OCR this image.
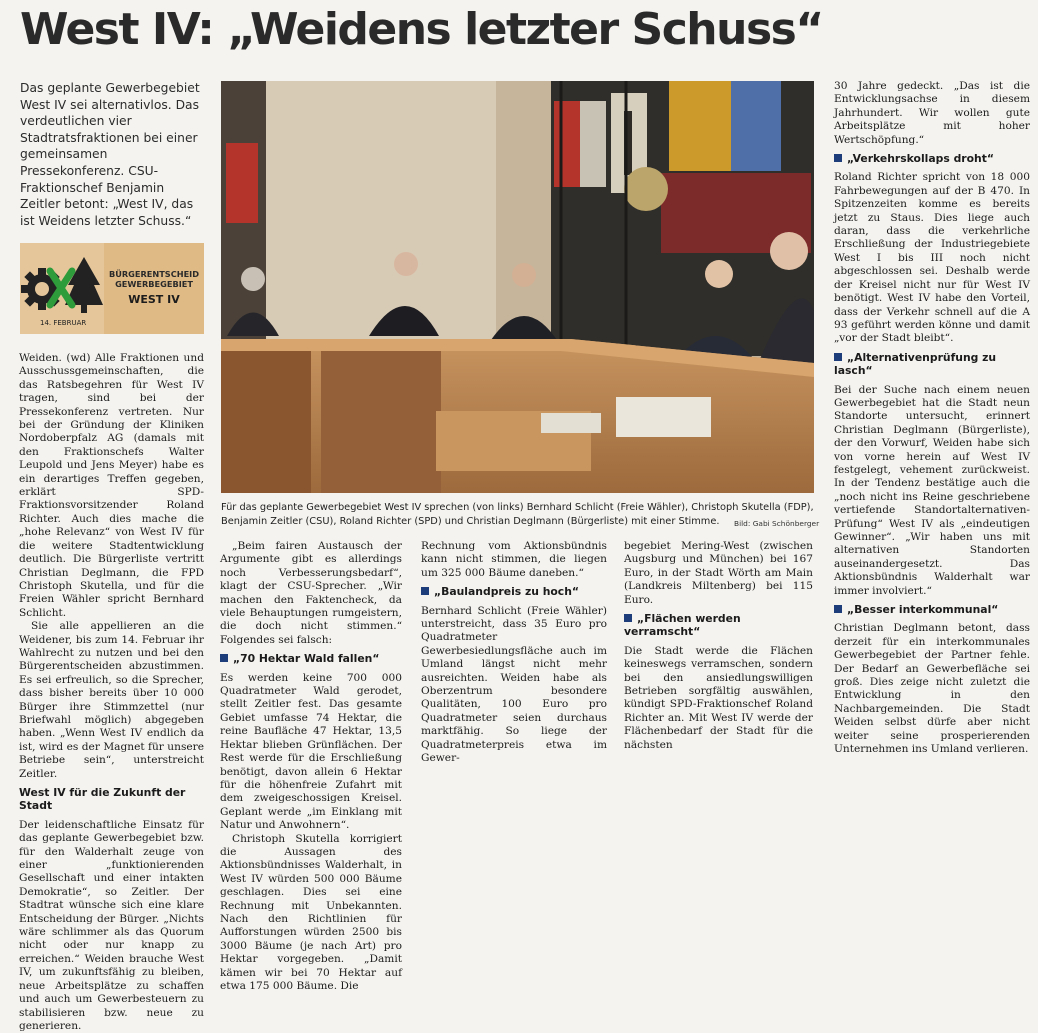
West IV: „Weidens letzter Schuss“
Das geplante Gewerbegebiet West IV sei alternativlos. Das verdeutlichen vier Stadtratsfraktionen bei einer gemeinsamen Pressekonferenz. CSU-Fraktionschef Benjamin Zeitler betont: „West IV, das ist Weidens letzter Schuss.“
BÜRGERENTSCHEID
GEWERBEGEBIET
WEST IV
14. FEBRUAR

Weiden. (wd) Alle Fraktionen und Ausschussgemeinschaften, die das Ratsbegehren für West IV tragen, sind bei der Pressekonferenz vertreten. Nur bei der Gründung der Kliniken Nordoberpfalz AG (damals mit den Fraktionschefs Walter Leupold und Jens Meyer) habe es ein derartiges Treffen gegeben, erklärt SPD-Fraktionsvorsitzender Roland Richter. Auch dies mache die „hohe Relevanz“ von West IV für die weitere Stadtentwicklung deutlich. Die Bürgerliste vertritt Christian Deglmann, die FPD Christoph Skutella, und für die Freien Wähler spricht Bernhard Schlicht.

Sie alle appellieren an die Weidener, bis zum 14. Februar ihr Wahlrecht zu nutzen und bei den Bürgerentscheiden abzustimmen. Es sei erfreulich, so die Sprecher, dass bisher bereits über 10 000 Bürger ihre Stimmzettel (nur Briefwahl möglich) abgegeben haben. „Wenn West IV endlich da ist, wird es der Magnet für unsere Betriebe sein“, unterstreicht Zeitler.

West IV für die Zukunft der Stadt

Der leidenschaftliche Einsatz für das geplante Gewerbegebiet bzw. für den Walderhalt zeuge von einer „funktionierenden Gesellschaft und einer intakten Demokratie“, so Zeitler. Der Stadtrat wünsche sich eine klare Entscheidung der Bürger. „Nichts wäre schlimmer als das Quorum nicht oder nur knapp zu erreichen.“ Weiden brauche West IV, um zukunftsfähig zu bleiben, neue Arbeitsplätze zu schaffen und auch um Gewerbesteuern zu stabilisieren bzw. neue zu generieren.

Für das geplante Gewerbegebiet West IV sprechen (von links) Bernhard Schlicht (Freie Wähler), Christoph Skutella (FDP), Benjamin Zeitler (CSU), Roland Richter (SPD) und Christian Deglmann (Bürgerliste) mit einer Stimme.	Bild: Gabi Schönberger

„Beim fairen Austausch der Argumente gibt es allerdings noch Verbesserungsbedarf“, klagt der CSU-Sprecher. „Wir machen den Faktencheck, da viele Behauptungen rumgeistern, die doch nicht stimmen.“ Folgendes sei falsch:

„70 Hektar Wald fallen“

Es werden keine 700 000 Quadratmeter Wald gerodet, stellt Zeitler fest. Das gesamte Gebiet umfasse 74 Hektar, die reine Baufläche 47 Hektar, 13,5 Hektar blieben Grünflächen. Der Rest werde für die Erschließung benötigt, davon allein 6 Hektar für die höhenfreie Zufahrt mit dem zweigeschossigen Kreisel. Geplant werde „im Einklang mit Natur und Anwohnern“.

Christoph Skutella korrigiert die Aussagen des Aktionsbündnisses Walderhalt, in West IV würden 500 000 Bäume geschlagen. Dies sei eine Rechnung mit Unbekannten. Nach den Richtlinien für Aufforstungen würden 2500 bis 3000 Bäume (je nach Art) pro Hektar vorgegeben. „Damit kämen wir bei 70 Hektar auf etwa 175 000 Bäume. Die

Rechnung vom Aktionsbündnis kann nicht stimmen, die liegen um 325 000 Bäume daneben.“

„Baulandpreis zu hoch“

Bernhard Schlicht (Freie Wähler) unterstreicht, dass 35 Euro pro Quadratmeter Gewerbesiedlungsfläche auch im Umland längst nicht mehr ausreichten. Weiden habe als Oberzentrum besondere Qualitäten, 100 Euro pro Quadratmeter seien durchaus marktfähig. So liege der Quadratmeterpreis etwa im Gewer-

begebiet Mering-West (zwischen Augsburg und München) bei 167 Euro, in der Stadt Wörth am Main (Landkreis Miltenberg) bei 115 Euro.

„Flächen werden verramscht“

Die Stadt werde die Flächen keineswegs verramschen, sondern bei den ansiedlungswilligen Betrieben sorgfältig auswählen, kündigt SPD-Fraktionschef Roland Richter an. Mit West IV werde der Flächenbedarf der Stadt für die nächsten

30 Jahre gedeckt. „Das ist die Entwicklungsachse in diesem Jahrhundert. Wir wollen gute Arbeitsplätze mit hoher Wertschöpfung.“

„Verkehrskollaps droht“

Roland Richter spricht von 18 000 Fahrbewegungen auf der B 470. In Spitzenzeiten komme es bereits jetzt zu Staus. Dies liege auch daran, dass die verkehrliche Erschließung der Industriegebiete West I bis III noch nicht abgeschlossen sei. Deshalb werde der Kreisel nicht nur für West IV benötigt. West IV habe den Vorteil, dass der Verkehr schnell auf die A 93 geführt werden könne und damit „vor der Stadt bleibt“.

„Alternativenprüfung zu lasch“

Bei der Suche nach einem neuen Gewerbegebiet hat die Stadt neun Standorte untersucht, erinnert Christian Deglmann (Bürgerliste), der den Vorwurf, Weiden habe sich von vorne herein auf West IV festgelegt, vehement zurückweist. In der Tendenz bestätige auch die „noch nicht ins Reine geschriebene vertiefende Standortalternativen-Prüfung“ West IV als „eindeutigen Gewinner“. „Wir haben uns mit alternativen Standorten auseinandergesetzt. Das Aktionsbündnis Walderhalt war immer involviert.“

„Besser interkommunal“

Christian Deglmann betont, dass derzeit für ein interkommunales Gewerbegebiet der Partner fehle. Der Bedarf an Gewerbefläche sei groß. Dies zeige nicht zuletzt die Entwicklung in den Nachbargemeinden. Die Stadt Weiden selbst dürfe aber nicht weiter seine prosperierenden Unternehmen ins Umland verlieren.
